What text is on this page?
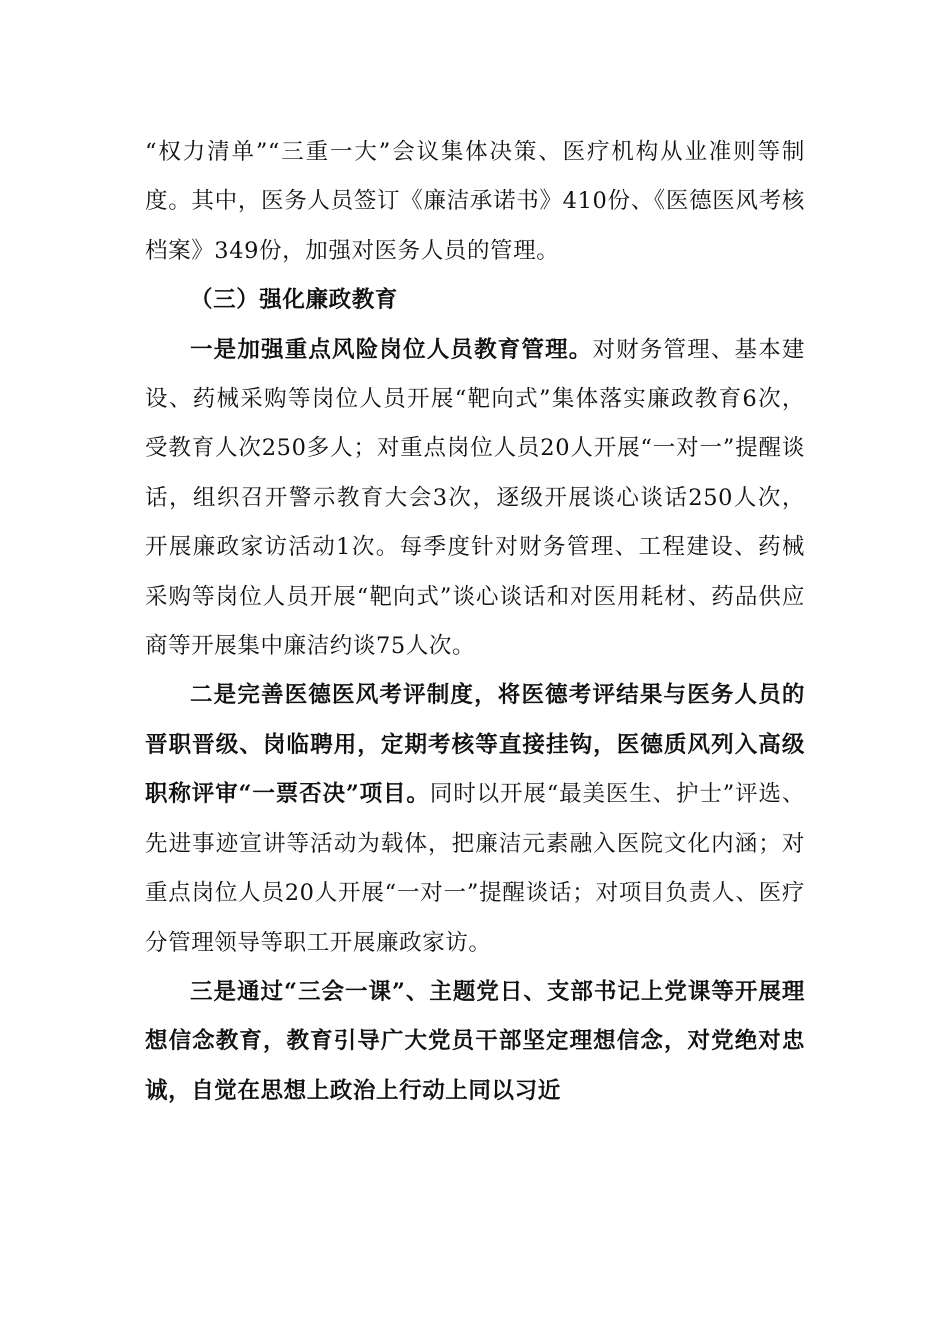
“权力清单”“三重一大”会议集体决策、医疗机构从业准则等制度。其中，医务人员签订《廉洁承诺书》410份、《医德医风考核档案》349份，加强对医务人员的管理。

（三）强化廉政教育

一是加强重点风险岗位人员教育管理。对财务管理、基本建设、药械采购等岗位人员开展“靶向式”集体落实廉政教育6次，受教育人次250多人；对重点岗位人员20人开展“一对一”提醒谈话，组织召开警示教育大会3次，逐级开展谈心谈话250人次，开展廉政家访活动1次。每季度针对财务管理、工程建设、药械采购等岗位人员开展“靶向式”谈心谈话和对医用耗材、药品供应商等开展集中廉洁约谈75人次。

二是完善医德医风考评制度，将医德考评结果与医务人员的晋职晋级、岗临聘用，定期考核等直接挂钩，医德质风列入高级职称评审“一票否决”项目。同时以开展“最美医生、护士”评选、先进事迹宣讲等活动为载体，把廉洁元素融入医院文化内涵；对重点岗位人员20人开展“一对一”提醒谈话；对项目负责人、医疗分管理领导等职工开展廉政家访。

三是通过“三会一课”、主题党日、支部书记上党课等开展理想信念教育，教育引导广大党员干部坚定理想信念，对党绝对忠诚，自觉在思想上政治上行动上同以习近
